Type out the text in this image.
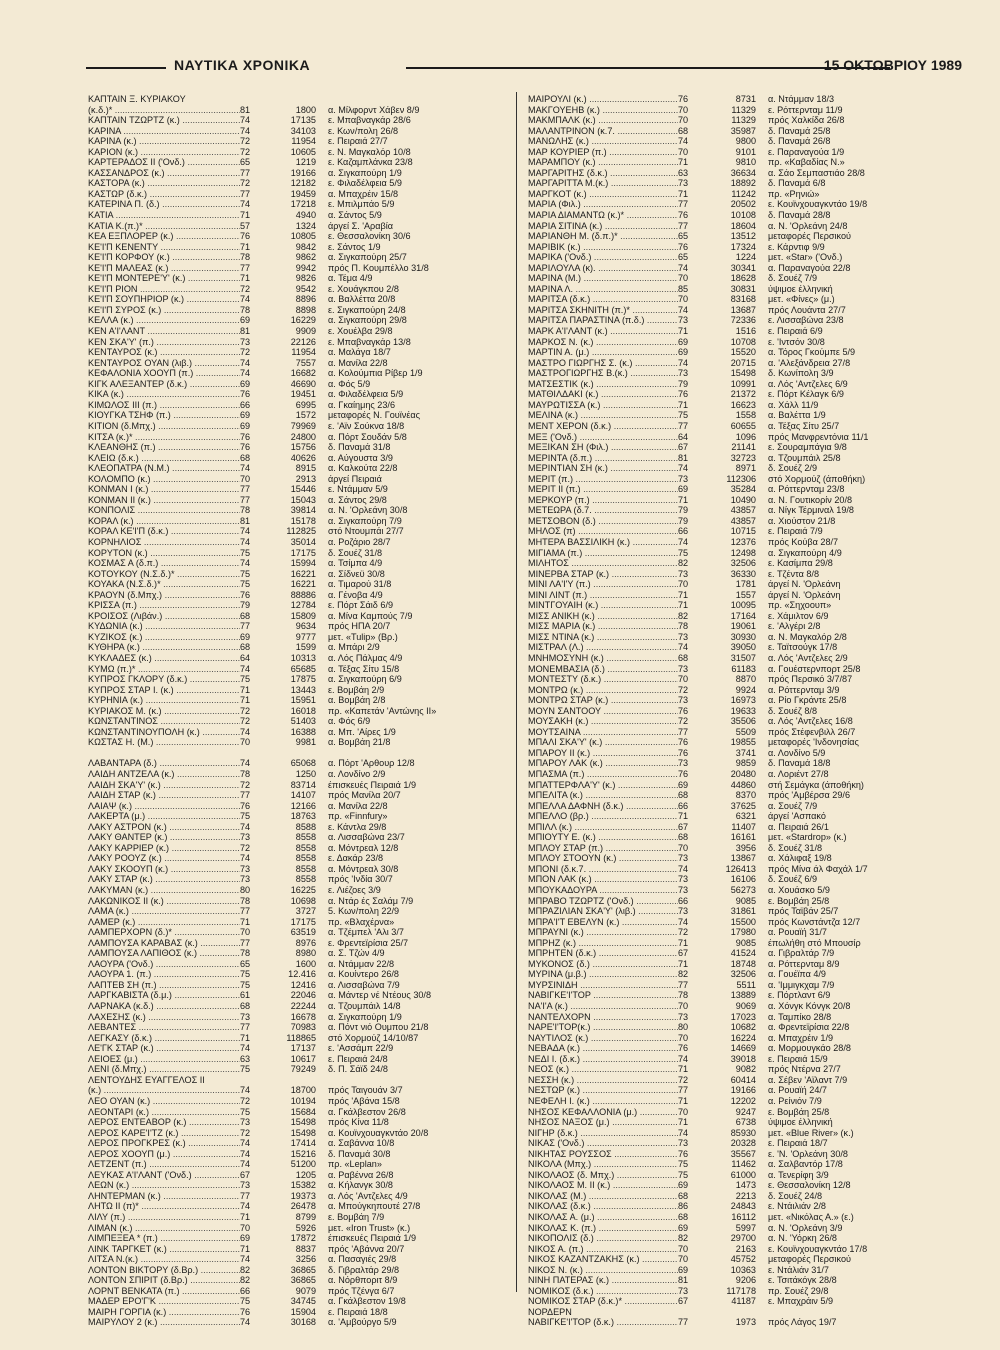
ΝΑΥΤΙΚΑ ΧΡΟΝΙΚΑ	15 ΟΚΤΩΒΡΙΟΥ 1989
ΚΑΠΤΑΙΝ Ξ. ΚΥΡΙΑΚΟΥ
(κ.δ.)* .....	81	1800 α. Μίλφορντ Χάβεν 8/9
ΚΑΠΤΑΙΝ ΤΖΩΡΤΖ (κ.) .....	74	17135 ε. Μπαβναγκάρ 28/6
ΚΑΡΙΝΑ .....	74	34103 ε. Κων/πολη 26/8
ΚΑΡΙΝΑ (κ.) .....	72	11954 ε. Πειραιά 27/7
ΚΑΡΙΟΝ (κ.) .....	72	10605 ε. Ν. Μαγκαλόρ 10/8
ΚΑΡΤΕΡΑΔΟΣ ΙΙ ('Ονδ.) .....	65	1219 ε. Καζαμπλάνκα 23/8
ΚΑΣΣΑΝΔΡΟΣ (κ.) .....	77	19166 α. Σιγκαπούρη 1/9
ΚΑΣΤΟΡΑ (κ.) .....	72	12182 ε. Φιλαδέλφεια 5/9
ΚΑΣΤΩΡ (δ.κ.) .....	77	19459 α. Μπαχρέιν 15/8
ΚΑΤΕΡΙΝΑ Π. (δ.) .....	74	17218 ε. Μπιλμπάο 5/9
ΚΑΤΙΑ .....	71	4940 α. Σάντος 5/9
ΚΑΤΙΑ Κ.(π.)* .....	57	1324 άργεί Σ. 'Αραβία
ΚΕΑ ΕΞΠΛΟΡΕΡ (κ.) .....	76	10805 ε. Θεσσαλονίκη 30/6
ΚΕ'Ι'Π ΚΕΝΕΝΤΥ .....	71	9842 ε. Σάντος 1/9
ΚΕ'Ι'Π ΚΟΡΦΟΥ (κ.) .....	78	9862 α. Σιγκαπούρη 25/7
ΚΕ'Ι'Π ΜΑΛΕΑΣ (κ.) .....	77	9942 πρός Π. Κουμπέλλο 31/8
ΚΕ'Ι'Π ΜΟΝΤΕΡΕ'Υ' (κ.) .....	71	9826 α. Τέμα 4/9
ΚΕ'Ι'Π ΡΙΟΝ .....	72	9542 ε. Χουάγκπου 2/8
ΚΕ'Ι'Π ΣΟΥΠΗΡΙΟΡ (κ.) .....	74	8896 α. Βαλλέττα 20/8
ΚΕ'Ι'Π ΣΥΡΟΣ (κ.) .....	78	8898 ε. Σιγκαπούρη 24/8
ΚΕΛΛΑ (κ.) .....	69	16229 α. Σιγκαπούρη 29/8
ΚΕΝ Α'Ι'ΛΑΝΤ .....	81	9909 ε. Χουέλβα 29/8
ΚΕΝ ΣΚΑ'Υ' (π.) .....	73	22126 ε. Μπαβναγκάρ 13/8
ΚΕΝΤΑΥΡΟΣ (κ.) .....	72	11954 α. Μαλάγα 18/7
ΚΕΝΤΑΥΡΟΣ ΟΥΑΝ (λιβ.) .....	74	7557 α. Μανίλα 22/8
ΚΕΦΑΛΟΝΙΑ ΧΟΟΥΠ (π.) .....	74	16682 α. Κολούμπια Ρίβερ 1/9
ΚΙΓΚ ΑΛΕΞΑΝΤΕΡ (δ.κ.) .....	69	46690 α. Φός 5/9
ΚΙΚΑ (κ.) .....	76	19451 α. Φιλαδέλφεια 5/9
ΚΙΜΩΛΟΣ ΙΙΙ (π.) .....	66	6995 α. Γκαίημης 23/6
ΚΙΟΥΓΚΑ ΤΣΗΦ (π.) .....	69	1572 μεταφορές Ν. Γουϊνέας
ΚΙΤΙΟΝ (δ.Μπχ.) .....	69	79969 ε. 'Αϊν Σούκνα 18/8
ΚΙΤΣΑ (κ.)* .....	76	24800 α. Πόρτ Σουδάν 5/8
ΚΛΕΑΝΘΗΣ (π.) .....	76	15756 δ. Παναμά 31/8
ΚΛΕΙΩ (δ.κ.) .....	68	40626 α. Αύγουστα 3/9
ΚΛΕΟΠΑΤΡΑ (Ν.Μ.) .....	74	8915 α. Καλκούτα 22/8
ΚΟΛΟΜΠΟ (κ.) .....	70	2913 άργεί Πειραιά
ΚΟΝΜΑΝ Ι (κ.) .....	77	15446 ε. Ντάμμαν 5/9
ΚΟΝΜΑΝ ΙΙ (κ.) .....	77	15043 α. Σάντος 29/8
ΚΟΝΠΟΛΙΣ .....	78	39814 α. Ν. 'Ορλεάνη 30/8
ΚΟΡΑΛ (κ.) .....	81	15178 α. Σιγκαπούρη 7/9
ΚΟΡΑΛ ΚΕ'Ι'Π (δ.κ.) .....	74	112825 στό Ντουμπάι 27/7
ΚΟΡΝΗΛΙΟΣ .....	74	35014 α. Ροζάριο 28/7
ΚΟΡΥΤΟΝ (κ.) .....	75	17175 δ. Σουέζ 31/8
ΚΟΣΜΑΣ Α (δ.π.) .....	74	15994 α. Τσίμπα 4/9
ΚΟΤΟΥΚΟΥ (Ν.Σ.δ.)* .....	75	16221 α. Σίδνεϋ 30/8
ΚΟΥΑΚΑ (Ν.Σ.δ.)* .....	75	16221 α. Τιμαρού 31/8
ΚΡΑΟΥΝ (δ.Μπχ.) .....	76	88886 α. Γένοβα 4/9
ΚΡΙΣΣΑ (π.) .....	79	12784 ε. Πόρτ Σάιδ 6/9
ΚΡΟΙΣΟΣ (Λιβάν.) .....	68	15809 α. Μίνα Καμπούς 7/9
ΚΥΔΩΝΙΑ (κ.) .....	77	9634 πρός ΗΠΑ 20/7
ΚΥΖΙΚΟΣ (κ.) .....	69	9777 μετ. «Tulip» (Βρ.)
ΚΥΘΗΡΑ (κ.) .....	68	1599 α. Μπάρι 2/9
ΚΥΚΛΑΔΕΣ (κ.) .....	64	10313 α. Λός Πάλμας 4/9
ΚΥΜΩ (π.)* .....	74	65685 α. Τέξας Σίτυ 15/8
ΚΥΠΡΟΣ ΓΚΛΟΡΥ (δ.κ.) .....	75	17875 α. Σιγκαπούρη 6/9
ΚΥΠΡΟΣ ΣΤΑΡ Ι. (κ.) .....	71	13443 ε. Βομβάη 2/9
ΚΥΡΗΝΙΑ (κ.) .....	71	15951 α. Βομβάη 2/8
ΚΥΡΙΑΚΟΣ Μ. (κ.) .....	72	16018 πρ. «Καπετάν 'Αντώνης ΙΙ»
ΚΩΝΣΤΑΝΤΙΝΟΣ .....	72	51403 α. Φός 6/9
ΚΩΝΣΤΑΝΤΙΝΟΥΠΟΛΗ (κ.) .....	74	16388 α. Μπ. 'Αίρες 1/9
ΚΩΣΤΑΣ Η. (Μ.) .....	70	9981 α. Βομβάη 21/8
ΛΑΒΑΝΤΑΡΑ (δ.) .....	74	65068 α. Πόρτ 'Αρθουρ 12/8
ΛΑΙΔΗ ΑΝΤΖΕΛΑ (κ.) .....	78	1250 α. Λονδίνο 2/9
ΛΑΙΔΗ ΣΚΑ'Υ' (κ.) .....	72	83714 έπισκευές Πειραιά 1/9
ΛΑΙΔΗ ΣΤΑΡ (κ.) .....	77	14107 πρός Μανίλα 20/7
ΛΑΙΑΨ (κ.) .....	76	12166 α. Μανίλα 22/8
ΛΑΚΕΡΤΑ (μ.) .....	75	18763 πρ. «Finnfury»
ΛΑΚΥ ΑΣΤΡΟΝ (κ.) .....	74	8588 ε. Κάντλα 29/8
ΛΑΚΥ ΘΑΝΤΕΡ (κ.) .....	73	8558 α. Λισσαβώνα 23/7
ΛΑΚΥ ΚΑΡΡΙΕΡ (κ.) .....	72	8558 α. Μόντρεαλ 12/8
ΛΑΚΥ ΡΟΟΥΖ (κ.) .....	74	8558 ε. Δακάρ 23/8
ΛΑΚΥ ΣΚΟΟΥΠ (κ.) .....	73	8558 α. Μόντρεαλ 30/8
ΛΑΚΥ ΣΤΑΡ (κ.) .....	73	8558 πρός 'Ινδία 30/7
ΛΑΚΥΜΑΝ (κ.) .....	80	16225 ε. Λιέζοες 3/9
ΛΑΚΩΝΙΚΟΣ ΙΙ (κ.) .....	78	10698 α. Ντάρ ές Σαλάμ 7/9
ΛΑΜΑ (κ.) .....	77	3727 5. Κων/πολη 22/9
ΛΑΜΕΡ (κ.) .....	71	17175 πρ. «Βλαχέρνα»
ΛΑΜΠΕΡΧΟΡΝ (δ.)* .....	70	63519 α. Τζέμπελ 'Αλι 3/7
ΛΑΜΠΟΥΣΑ ΚΑΡΑΒΑΣ (κ.) .....	77	8976 ε. Φρεντεϊρίσια 25/7
ΛΑΜΠΟΥΣΑ ΛΑΠΙΘΟΣ (κ.) .....	78	8980 α. Σ. Τζών 4/9
ΛΑΟΥΡΑ ('Ονδ.) .....	65	1600 α. Ντάμμαν 22/8
ΛΑΟΥΡΑ 1. (π.) .....	75	12.416 α. Κουίντερο 26/8
ΛΑΠΤΕΒ ΣΗ (π.) .....	75	12416 α. Λισσαβώνα 7/9
ΛΑΡΓΚΑΒΙΣΤΑ (δ.μ.) .....	61	22046 α. Μάντερ νέ Ντέους 30/8
ΛΑΡΝΑΚΑ (κ.δ.) .....	68	22244 α. Τζουμπάιλ 14/8
ΛΑΧΕΣΗΣ (κ.) .....	73	16678 α. Σιγκαπούρη 1/9
ΛΕΒΑΝΤΕΣ .....	77	70983 α. Πόντ νιό Ουμπου 21/8
ΛΕΓΚΑΣΥ (δ.κ.) .....	71	118865 στό Χορμούζ 14/10/87
ΛΕ'ΓΚ ΣΤΑΡ (κ.) .....	74	17137 ε. 'Ασσάμπ 22/9
ΛΕΙΟΕΣ (μ.) .....	63	10617 ε. Πειραιά 24/8
ΛΕΝΙ (δ.Μπχ.) .....	75	79249 δ. Π. Σάϊδ 24/8
ΛΕΝΤΟΥΔΗΣ ΕΥΑΓΓΕΛΟΣ ΙΙ
(κ.) .....	74	18700 πρός Ταιγουάν 3/7
ΛΕΟ ΟΥΑΝ (κ.) .....	72	10194 πρός 'Αβάνα 15/8
ΛΕΟΝΤΑΡΙ (κ.) .....	75	15684 α. Γκάλβεστον 26/8
ΛΕΡΟΣ ΕΝΤΕΑΒΟΡ (κ.) .....	73	15498 πρός Κίνα 11/8
ΛΕΡΟΣ ΚΑΡΕ'Ι'ΤΖ (κ.) .....	72	15498 α. Κουϊνχουαγκντάο 20/8
ΛΕΡΟΣ ΠΡΟΓΚΡΕΣ (κ.) .....	74	17414 α. Σαβάννα 10/8
ΛΕΡΟΣ ΧΟΟΥΠ (μ.) .....	74	15216 δ. Παναμά 30/8
ΛΕΤΖΕΝΤ (π.) .....	74	51200 πρ. «Leplan»
ΛΕΥΚΑΣ Α'Ι'ΛΑΝΤ ('Ονδ.) .....	67	1205 α. Ραβέννα 26/8
ΛΕΩΝ (κ.) .....	73	15382 α. Κήλανγκ 30/8
ΛΗΝΤΕΡΜΑΝ (κ.) .....	77	19373 α. Λός 'Αντζελες 4/9
ΛΗΤΩ ΙΙ (π)* .....	74	26478 α. Μπούγκηπουτέ 27/8
ΛΙΛΥ (π.) .....	71	8799 ε. Βομβάη 7/9
ΛΙΜΑΝ (κ.) .....	70	5926 μετ. «Iron Trust» (κ.)
ΛΙΜΠΕΞΕΑ * (π.) .....	69	17872 έπισκευές Πειραιά 1/9
ΛΙΝΚ ΤΑΡΓΚΕΤ (κ.) .....	71	8837 πρός 'Αβάννα 20/7
ΛΙΤΣΑ Ν.(κ.) .....	74	3256 α. Πασαγιές 29/8
ΛΟΝΤΟΝ ΒΙΚΤΟΡΥ (δ.Βρ.) .....	82	36865 δ. Γιβραλτάρ 29/8
ΛΟΝΤΟΝ ΣΠΙΡΙΤ (δ.Βρ.) .....	82	36865 α. Νόρθποριτ 8/9
ΛΟΡΝΤ ΒΕΝΚΑΤΑ (π.) .....	66	9079 πρός Τζένγα 6/7
ΜΑΔΕΡ ΕΡΟ'Γ'Κ .....	75	34745 α. Γκάλβεστον 19/8
ΜΑΙΡΗ ΓΟΡΓΙΑ (κ.) .....	76	15904 ε. Πειραιά 18/8
ΜΑΙΡΥΛΟΥ 2 (κ.) .....	74	30168 α. 'Αμβούργο 5/9
ΜΑΙΡΟΥΛΙ (κ.) .....	76	8731 α. Ντάμμαν 18/3
ΜΑΚΓΟΥΕΗΒ (κ.) .....	70	11329 ε. Ρόττερνταμ 11/9
ΜΑΚΜΠΑΛΚ (κ.) .....	70	11329 πρός Χαλκίδα 26/8
ΜΑΛΑΝΤΡΙΝΟΝ (κ.7. .....	68	35987 δ. Παναμά 25/8
ΜΑΝΩΛΗΣ (κ.) .....	74	9800 δ. Παναμά 26/8
ΜΑΡ ΚΟΥΡΙΕΡ (π.) .....	70	9101 ε. Παραναγούα 1/9
ΜΑΡΑΜΠΟΥ (κ.) .....	71	9810 πρ. «Καβαδίας Ν.»
ΜΑΡΓΑΡΙΤΗΣ (δ.κ.) .....	63	36634 α. Σάο Σεμπαστιάο 28/8
ΜΑΡΓΑΡΙΤΤΑ Μ.(κ.) .....	73	18892 δ. Παναμά 6/8
ΜΑΡΓΚΟΤ (κ.) .....	71	11242 πρ. «Ρηνιώ»
ΜΑΡΙΑ (Φιλ.) .....	77	20502 ε. Κουϊνχουαγκντάο 19/8
ΜΑΡΙΑ ΔΙΑΜΑΝΤΩ (κ.)* .....	76	10108 δ. Παναμά 28/8
ΜΑΡΙΑ ΣΙΤΙΝΑ (κ.) .....	77	18604 α. Ν. 'Ορλεάνη 24/8
ΜΑΡΙΑΝΘΗ Μ. (δ.π.)* .....	65	13512 μεταφορές Περσικού
ΜΑΡΙΒΙΚ (κ.) .....	76	17324 ε. Κάρντιφ 9/9
ΜΑΡΙΚΑ ('Ονδ.) .....	65	1224 μετ. «Star» ('Ονδ.)
ΜΑΡΙΛΟΥΛΑ (κ). .....	74	30341 α. Παραναγούα 22/8
ΜΑΡΙΝΑ (Μ.) .....	70	18628 δ. Σουέζ 7/9
ΜΑΡΙΝΑ Λ. .....	85	30831 ύψιμοε έλληνική
ΜΑΡΙΤΣΑ (δ.κ.) .....	70	83168 μετ. «Φίνες» (μ.)
ΜΑΡΙΤΣΑ ΣΚΗΝΙΤΗ (π.)* .....	74	13687 πρός Λουάντα 27/7
ΜΑΡΙΤΣΑ ΠΑΡΑΣΤΙΝΑ (π.δ.) .....	73	72336 ε. Λισσαβώνα 23/8
ΜΑΡΚ Α'Ι'ΛΑΝΤ (κ.) .....	71	1516 ε. Πειραιά 6/9
ΜΑΡΚΟΣ Ν. (κ.) .....	69	10708 ε. 'Ιντσόν 30/8
ΜΑΡΤΙΝ Α. (μ.) .....	69	15520 α. Τόρος Γκούμπε 5/9
ΜΑΣΤΡΟ ΓΙΩΡΓΗΣ Σ. (κ.) .....	74	20715 α. 'Αλεξάνδρεια 27/8
ΜΑΣΤΡΟΓΙΩΡΓΗΣ Β.(κ.) .....	73	15498 δ. Κωνίπολη 3/9
ΜΑΤΣΕΣΤΙΚ (κ.) .....	79	10991 α. Λός 'Αντζελες 6/9
ΜΑΤΘΙΛΔΑΚΙ (κ.) .....	76	21372 ε. Πόρτ Κέλαγκ 6/9
ΜΑΥΡΩΤΙΣΣΑ (κ.) .....	71	16623 α. Χάλλ 11/9
ΜΕΛΙΝΑ (κ.) .....	75	1558 α. Βαλέττα 1/9
ΜΕΝΤ ΧΕΡΟΝ (δ.κ.) .....	77	60655 α. Τέξας Σίτυ 25/7
ΜΕΞ ('Ονδ.) .....	64	1096 πρός Μανφρεντόνια 11/1
ΜΕΞΙΚΑΝ ΣΗ (Φιλ.) .....	67	21141 ε. Σουραμπάγια 9/8
ΜΕΡΙΝΤΑ (δ.π.) .....	81	32723 α. Τζουμπάιλ 25/8
ΜΕΡΙΝΤΙΑΝ ΣΗ (κ.) .....	74	8971 δ. Σουέζ 2/9
ΜΕΡΙΤ (π.) .....	73	112306 στό Χορμούζ (άποθήκη)
ΜΕΡΙΤ ΙΙ (π.) .....	69	35284 α. Ρόττερνταμ 23/8
ΜΕΡΚΟΥΡ (π.) .....	71	10490 α. Ν. Γουτικορίν 20/8
ΜΕΤΕΩΡΑ (δ.7. .....	79	43857 α. Νίγκ Τέρμιναλ 19/8
ΜΕΤΣΟΒΟΝ (δ.) .....	79	43857 α. Χιούστον 21/8
ΜΗΛΟΣ (π) .....	66	10715 ε. Πειραιά 7/9
ΜΗΤΕΡΑ ΒΑΣΣΙΛΙΚΗ (κ.) .....	74	12376 πρός Κούβα 28/7
ΜΙΓΙΑΜΑ (π.) .....	75	12498 α. Σιγκαπούρη 4/9
ΜΙΛΗΤΟΣ .....	82	32506 ε. Κασίμπα 29/8
ΜΙΝΕΡΒΑ ΣΤΑΡ (κ.) .....	73	36330 ε. Τζέντα 8/8
ΜΙΝΙ ΛΑ'Ι'Υ (π.) .....	70	1781 άργεί Ν. 'Ορλεάνη
ΜΙΝΙ ΛΙΝΤ (π.) .....	71	1557 άργεί Ν. 'Ορλεάνη
ΜΙΝΤΓΟΥΑΙΗ (κ.) .....	71	10095 πρ. «Σηχοουπ»
ΜΙΣΣ ΑΝΙΚΗ (κ.) .....	82	17164 ε. Χάμιλτον 6/9
ΜΙΣΣ ΜΑΡΙΑ (κ.) .....	78	19061 ε. 'Αλγέρι 2/8
ΜΙΣΣ ΝΤΙΝΑ (κ.) .....	73	30930 α. Ν. Μαγκαλόρ 2/8
ΜΙΣΤΡΑΛ (Λ.) .....	74	39050 ε. Ταϊτσούγκ 17/8
ΜΝΗΜΟΣΥΝΗ (κ.) .....	68	31507 α. Λός 'Αντζελες 2/9
ΜΟΝΕΜΒΑΣΙΑ (δ.) .....	73	61183 α. Γουέστερνπορτ 25/8
ΜΟΝΤΕΣΤΥ (δ.κ.) .....	70	8870 πρός Περσικό 3/7/87
ΜΟΝΤΡΩ (κ.) .....	72	9924 α. Ρόττερνταμ 3/9
ΜΟΝΤΡΩ ΣΤΑΡ (κ.) .....	73	16973 α. Ρίο Γκράντε 25/8
ΜΟΥΝ ΣΑΝΤΟΟΥ .....	76	19633 δ. Σουέζ 8/8
ΜΟΥΣΑΚΗ (κ.) .....	72	35506 α. Λός 'Αντζελες 16/8
ΜΟΥΤΣΑΙΝΑ .....	77	5509 πρός Στέφενβιλλ 26/7
ΜΠΑΛΙ ΣΚΑ'Υ' (κ.) .....	76	19855 μεταφορές 'Ινδονησίας
ΜΠΑΡΟΥ ΙΙ (κ.) .....	76	3741 α. Λονδίνο 5/9
ΜΠΑΡΟΥ ΛΑΚ (κ.) .....	73	9859 δ. Παναμά 18/8
ΜΠΑΣΜΑ (π.) .....	76	20480 α. Λοριέντ 27/8
ΜΠΑΤΤΕΡΦΛΑ'Υ' (κ.) .....	69	44860 στή Σεμάγκα (άποθήκη)
ΜΠΕΛΙΤΑ (κ.) .....	68	8370 πρός 'Αμβέρσα 29/6
ΜΠΕΛΛΑ ΔΑΦΝΗ (δ.κ.) .....	66	37625 α. Σουέζ 7/9
ΜΠΕΛΛΟ (βρ.) .....	71	6321 άργεί 'Ασπακό
ΜΠΙΛΛ (κ.) .....	67	11407 α. Πειραιά 26/1
ΜΠΙΟΥΤΥ Ε. (κ.) .....	68	16161 μετ. «Stardrop» (κ.)
ΜΠΛΟΥ ΣΤΑΡ (π.) .....	70	3956 δ. Σουέζ 31/8
ΜΠΛΟΥ ΣΤΟΟΥΝ (κ.) .....	73	13867 α. Χάλιφαξ 19/8
ΜΠΟΝΙ (δ.κ.7. .....	74	126413 πρός Μίνα άλ Φαχάλ 1/7
ΜΠΟΝ ΛΑΚ (κ.) .....	73	16106 δ. Σουέζ 6/9
ΜΠΟΥΚΑΔΟΥΡΑ .....	73	56273 α. Χουάσκο 5/9
ΜΠΡΑΒΟ ΤΖΩΡΤΖ ('Ονδ.) .....	66	9085 ε. Βομβάη 25/8
ΜΠΡΑΖΙΛΙΑΝ ΣΚΑ'Υ' (λιβ.) .....	73	31861 πρός Ταϊβάν 25/7
ΜΠΡΑ'Ι'Τ ΕΒΕΛΥΝ (κ.) .....	74	15500 πρός Κωνστάντζα 12/7
ΜΠΡΑΥΝΙ (κ.) .....	72	17980 α. Ρουαϊή 31/7
ΜΠΡΗΖ (κ.) .....	71	9085 έπωλήθη στό Μπουσίρ
ΜΠΡΗΤΕΝ (δ.κ.) .....	67	41524 α. Γιβραλτάρ 7/9
ΜΥΚΟΝΟΣ (δ.) .....	71	18748 α. Ρόττερνταμ 8/9
ΜΥΡΙΝΑ (μ.β.) .....	82	32506 α. Γουέϊπα 4/9
ΜΥΡΣΙΝΙΔΗ .....	77	5511 α. 'Ιμμιγκχαμ 7/9
ΝΑΒΙΓΚΕ'Ι'ΤΟΡ .....	78	13889 ε. Πόρτλαντ 6/9
ΝΑ'Ι'Α (κ.) .....	70	9069 α. Χόνγκ Κόνγκ 20/8
ΝΑΝΤΕΛΧΟΡΝ .....	73	17023 α. Ταμπίκο 28/8
ΝΑΡΕ'Ι'ΤΟΡ(κ.) .....	80	10682 α. Φρεντεϊρίσια 22/8
ΝΑΥΤΙΛΟΣ (κ.) .....	70	16224 α. Μπαχρέιν 1/9
ΝΕΒΑΔΑ (κ.) .....	76	14669 α. Μορμουγκάο 28/8
ΝΕΔΙ Ι. (δ.κ.) .....	74	39018 ε. Πειραιά 15/9
ΝΕΟΣ (κ.) .....	71	9082 πρός Ντέρνα 27/7
ΝΕΣΣΗ (κ.) .....	72	60414 α. Σέβεν 'Αϊλαντ 7/9
ΝΕΣΤΩΡ (κ.) .....	77	19166 α. Ρουαϊή 24/7
ΝΕΦΕΛΗ Ι. (κ.) .....	71	12202 α. Ρείνιόν 7/9
ΝΗΣΟΣ ΚΕΦΑΛΛΟΝΙΑ (μ.) .....	70	9247 ε. Βομβάη 25/8
ΝΗΣΟΣ ΝΑΞΟΣ (μ.) .....	71	6738 ύψιμοε έλληνική
ΝΙΓΗΡ (δ.κ.) .....	74	85930 μετ. «Blue River» (κ.)
ΝΙΚΑΣ ('Ονδ.) .....	73	20328 ε. Πειραιά 18/7
ΝΙΚΗΤΑΣ ΡΟΥΣΣΟΣ .....	76	35567 ε. 'Ν. 'Ορλεάνη 30/8
ΝΙΚΟΛΑ (Μπχ.) .....	75	11462 α. Σαλβαντόρ 17/8
ΝΙΚΟΛΑΟΣ (δ. Μπχ.) .....	75	61000 α. Τενερίφη 3/9
ΝΙΚΟΛΑΟΣ Μ. ΙΙ (κ.) .....	69	1473 ε. Θεσσαλονίκη 12/8
ΝΙΚΟΛΑΣ (Μ.) .....	68	2213 δ. Σουέζ 24/8
ΝΙΚΟΛΑΣ (δ.κ.) .....	86	24843 ε. Ντάιλιάν 2/8
ΝΙΚΟΛΑΣ Α. (μ.) .....	68	16112 μετ. «Νικόλας Α.» (ε.)
ΝΙΚΟΛΑΣ Κ. (π.) .....	69	5997 α. Ν. 'Ορλεάνη 3/9
ΝΙΚΟΠΟΛΙΣ (δ.) .....	82	29700 α. Ν. 'Υόρκη 26/8
ΝΙΚΟΣ Α. (π.) .....	70	2163 ε. Κουϊνχουαγκντάο 17/8
ΝΙΚΟΣ ΚΑΖΑΝΤΖΑΚΗΣ (κ.) .....	70	45752 μεταφορές Περσικού
ΝΙΚΟΣ Ν. (κ.) .....	69	10363 ε. Ντάλιάν 31/7
ΝΙΝΗ ΠΑΤΕΡΑΣ (κ.) .....	81	9206 ε. Τσιτάκόγκ 28/8
ΝΟΜΙΚΟΣ (δ.κ.) .....	73	117178 πρ. Σουέζ 29/8
ΝΟΜΙΚΟΣ ΣΤΑΡ (δ.κ.)* .....	67	41187 ε. Μπαχράιν 5/9
ΝΟΡΔΕΡΝ
ΝΑΒΙΓΚΕ'Ι'ΤΟΡ (δ.κ.) .....	77	1973 πρός Λάγος 19/7
